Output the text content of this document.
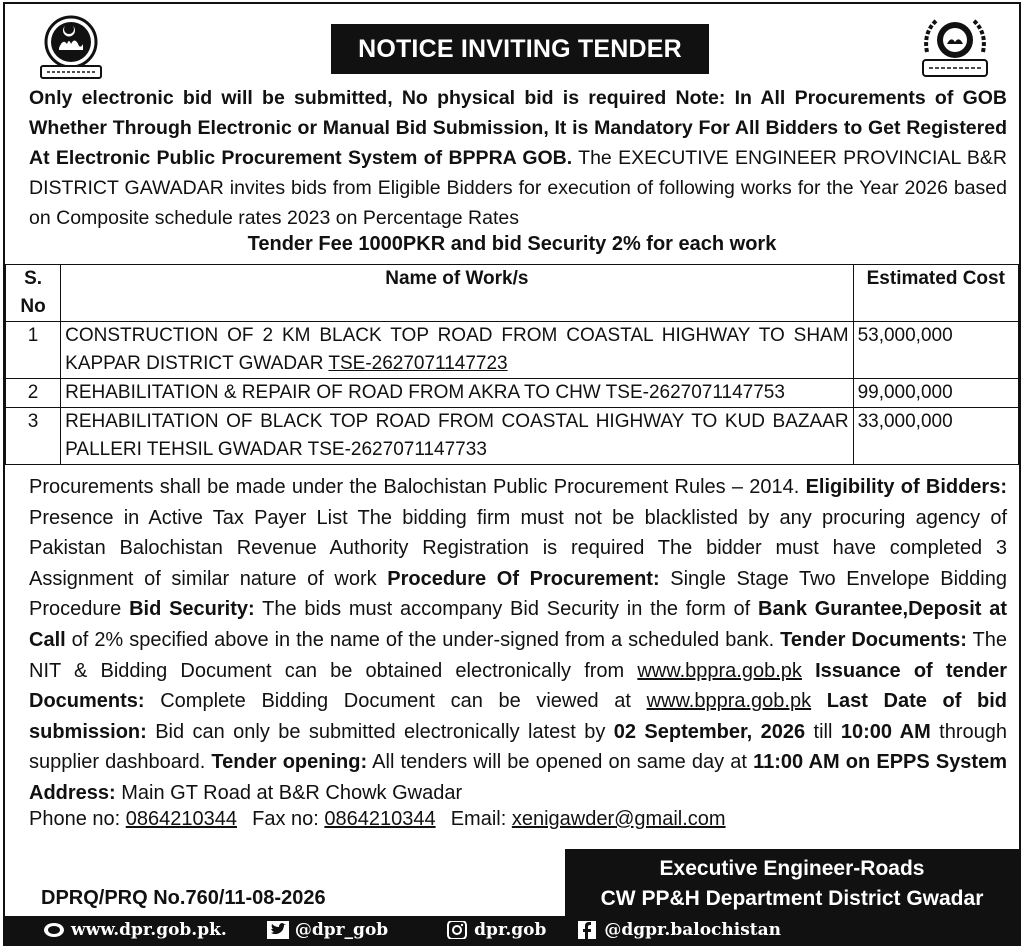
NOTICE INVITING TENDER
Only electronic bid will be submitted, No physical bid is required Note: In All Procurements of GOB Whether Through Electronic or Manual Bid Submission, It is Mandatory For All Bidders to Get Registered At Electronic Public Procurement System of BPPRA GOB. The EXECUTIVE ENGINEER PROVINCIAL B&R DISTRICT GAWADAR invites bids from Eligible Bidders for execution of following works for the Year 2026 based on Composite schedule rates 2023 on Percentage Rates
Tender Fee 1000PKR and bid Security 2% for each work
S.
No	Name of Work/s	Estimated Cost
1	CONSTRUCTION OF 2 KM BLACK TOP ROAD FROM COASTAL HIGHWAY TO SHAM KAPPAR DISTRICT GWADAR TSE-2627071147723	53,000,000
2	REHABILITATION & REPAIR OF ROAD FROM AKRA TO CHW TSE-2627071147753	99,000,000
3	REHABILITATION OF BLACK TOP ROAD FROM COASTAL HIGHWAY TO KUD BAZAAR PALLERI TEHSIL GWADAR TSE-2627071147733	33,000,000
Procurements shall be made under the Balochistan Public Procurement Rules – 2014. Eligibility of Bidders: Presence in Active Tax Payer List The bidding firm must not be blacklisted by any procuring agency of Pakistan Balochistan Revenue Authority Registration is required The bidder must have completed 3 Assignment of similar nature of work Procedure Of Procurement: Single Stage Two Envelope Bidding Procedure Bid Security: The bids must accompany Bid Security in the form of Bank Gurantee,Deposit at Call of 2% specified above in the name of the under-signed from a scheduled bank. Tender Documents: The NIT & Bidding Document can be obtained electronically from www.bppra.gob.pk Issuance of tender Documents: Complete Bidding Document can be viewed at www.bppra.gob.pk Last Date of bid submission: Bid can only be submitted electronically latest by 02 September, 2026 till 10:00 AM through supplier dashboard. Tender opening: All tenders will be opened on same day at 11:00 AM on EPPS System Address: Main GT Road at B&R Chowk Gwadar
Phone no: 0864210344  Fax no: 0864210344  Email: xenigawder@gmail.com
DPRQ/PRQ No.760/11-08-2026
Executive Engineer-Roads
CW PP&H Department District Gwadar
www.dpr.gob.pk.	@dpr_gob	dpr.gob	@dgpr.balochistan
